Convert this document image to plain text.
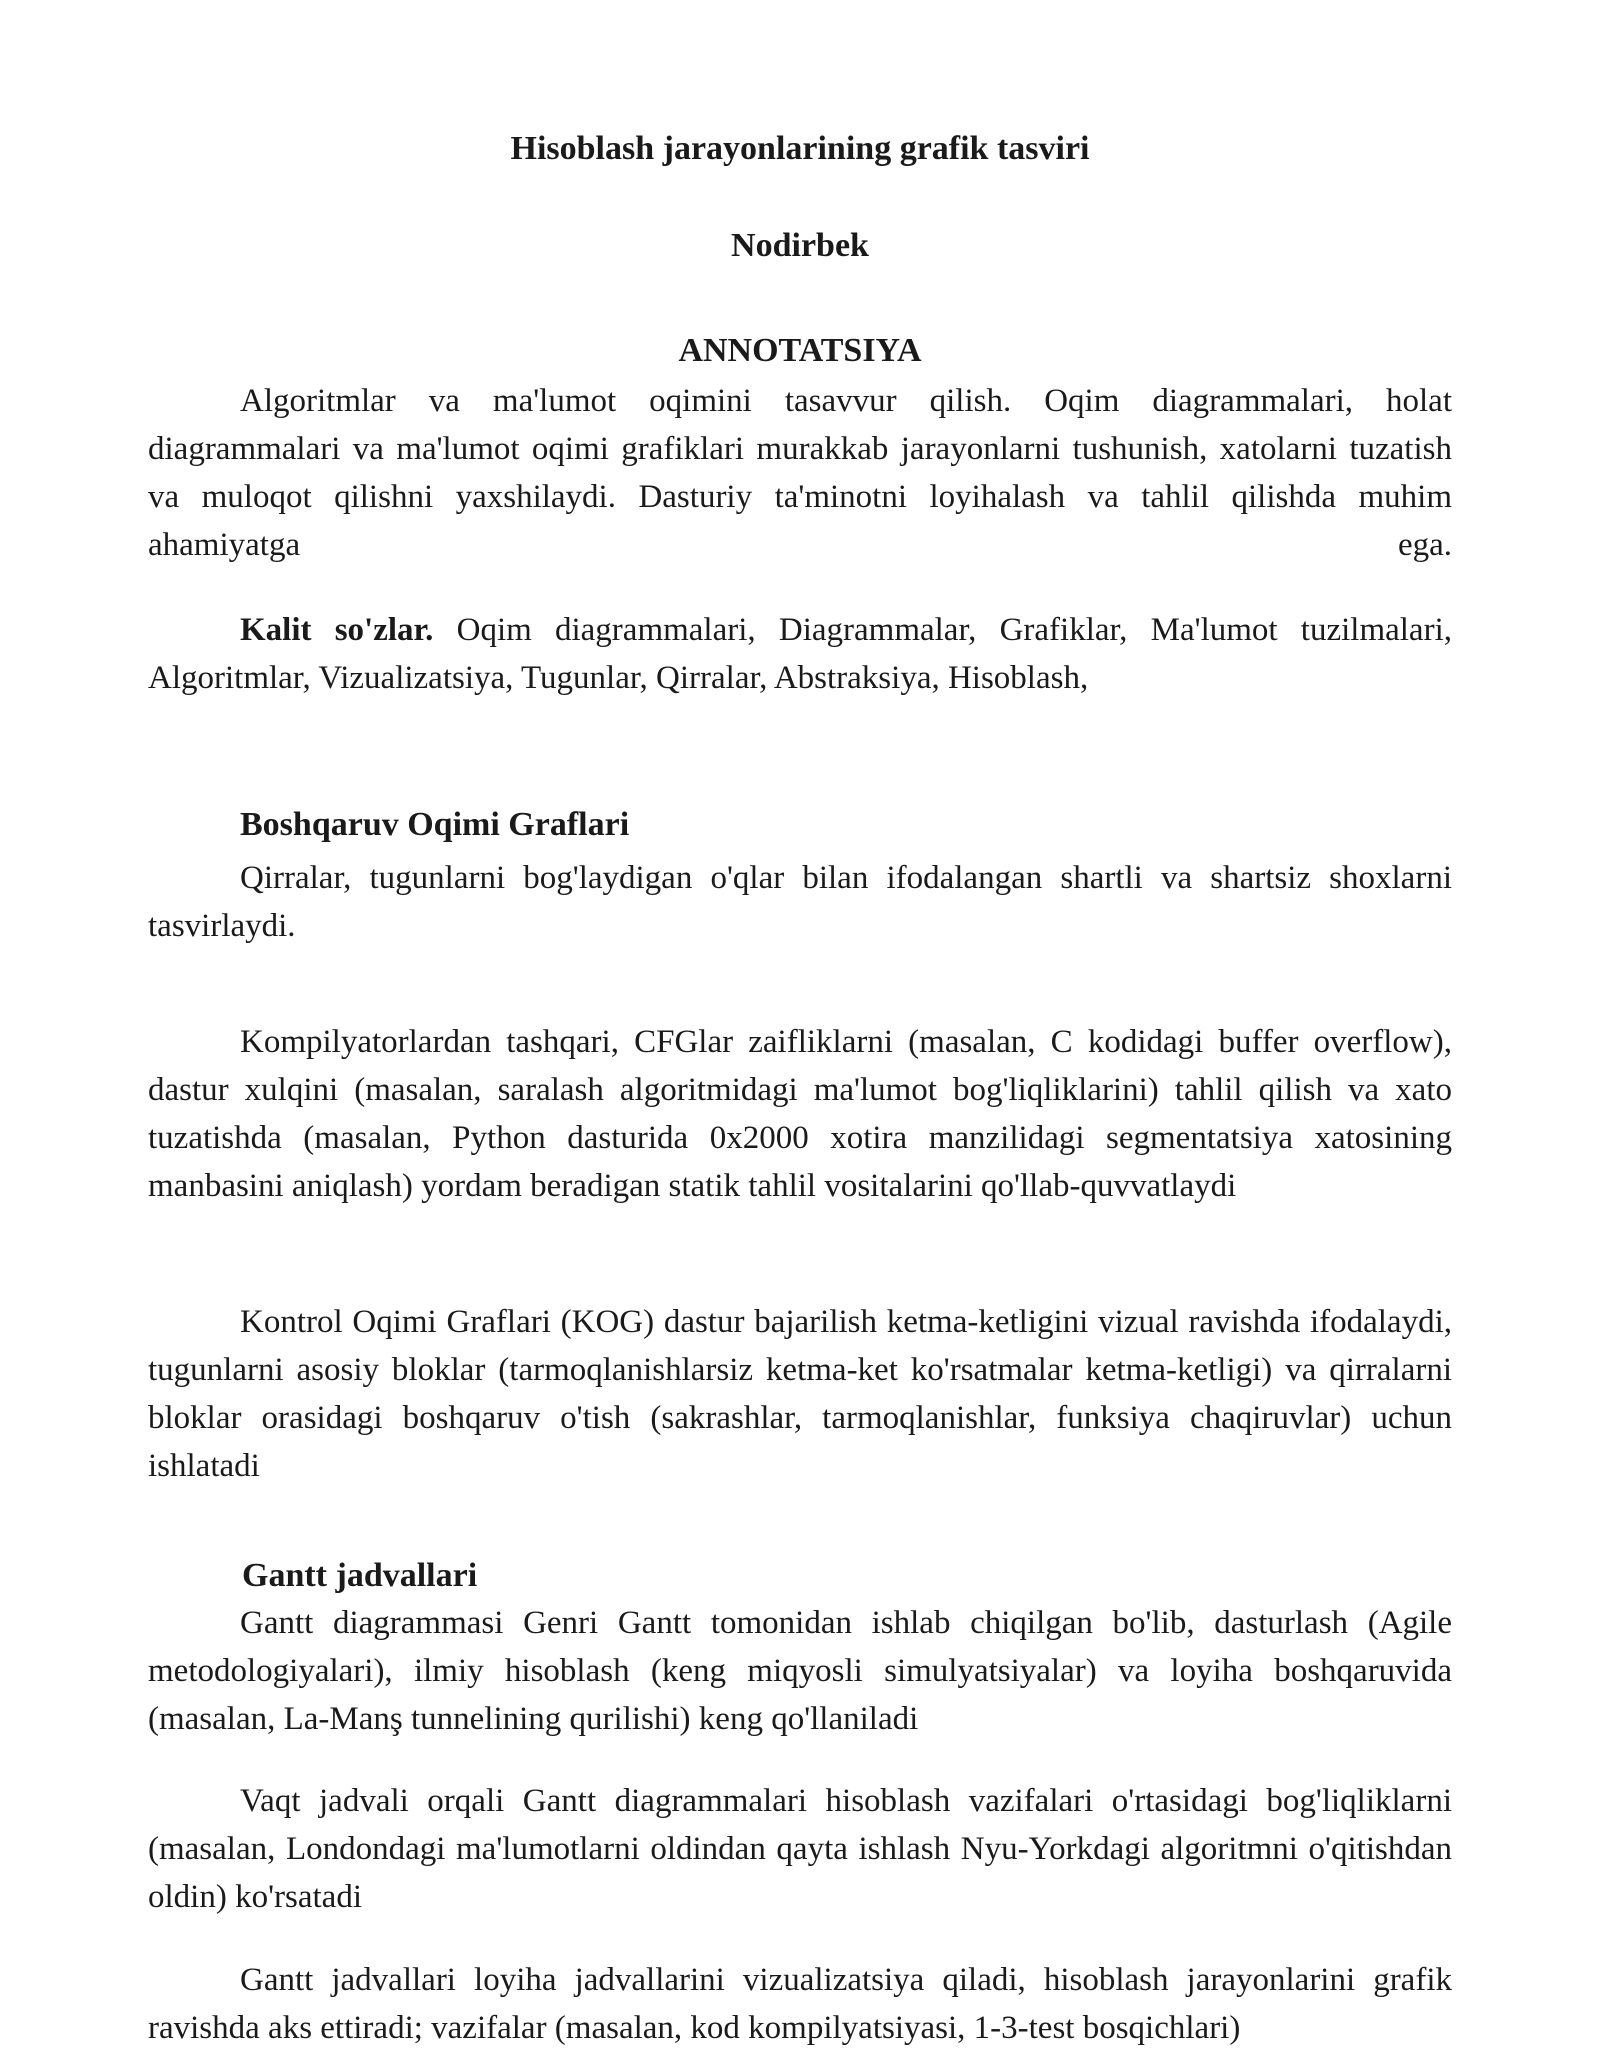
Hisoblash jarayonlarining grafik tasviri
Nodirbek
ANNOTATSIYA

Algoritmlar va ma'lumot oqimini tasavvur qilish. Oqim diagrammalari, holat diagrammalari va ma'lumot oqimi grafiklari murakkab jarayonlarni tushunish, xatolarni tuzatish va muloqot qilishni yaxshilaydi. Dasturiy ta'minotni loyihalash va tahlil qilishda muhim ahamiyatga ega.

Kalit so'zlar. Oqim diagrammalari, Diagrammalar, Grafiklar, Ma'lumot tuzilmalari, Algoritmlar, Vizualizatsiya, Tugunlar, Qirralar, Abstraksiya, Hisoblash,

Boshqaruv Oqimi Graflari

Qirralar, tugunlarni bog'laydigan o'qlar bilan ifodalangan shartli va shartsiz shoxlarni tasvirlaydi.

Kompilyatorlardan tashqari, CFGlar zaifliklarni (masalan, C kodidagi buffer overflow), dastur xulqini (masalan, saralash algoritmidagi ma'lumot bog'liqliklarini) tahlil qilish va xato tuzatishda (masalan, Python dasturida 0x2000 xotira manzilidagi segmentatsiya xatosining manbasini aniqlash) yordam beradigan statik tahlil vositalarini qo'llab-quvvatlaydi

Kontrol Oqimi Graflari (KOG) dastur bajarilish ketma-ketligini vizual ravishda ifodalaydi, tugunlarni asosiy bloklar (tarmoqlanishlarsiz ketma-ket ko'rsatmalar ketma-ketligi) va qirralarni bloklar orasidagi boshqaruv o'tish (sakrashlar, tarmoqlanishlar, funksiya chaqiruvlar) uchun ishlatadi

Gantt jadvallari

Gantt diagrammasi Genri Gantt tomonidan ishlab chiqilgan bo'lib, dasturlash (Agile metodologiyalari), ilmiy hisoblash (keng miqyosli simulyatsiyalar) va loyiha boshqaruvida (masalan, La-Manş tunnelining qurilishi) keng qo'llaniladi

Vaqt jadvali orqali Gantt diagrammalari hisoblash vazifalari o'rtasidagi bog'liqliklarni (masalan, Londondagi ma'lumotlarni oldindan qayta ishlash Nyu-Yorkdagi algoritmni o'qitishdan oldin) ko'rsatadi

Gantt jadvallari loyiha jadvallarini vizualizatsiya qiladi, hisoblash jarayonlarini grafik ravishda aks ettiradi; vazifalar (masalan, kod kompilyatsiyasi, 1-3-test bosqichlari)
